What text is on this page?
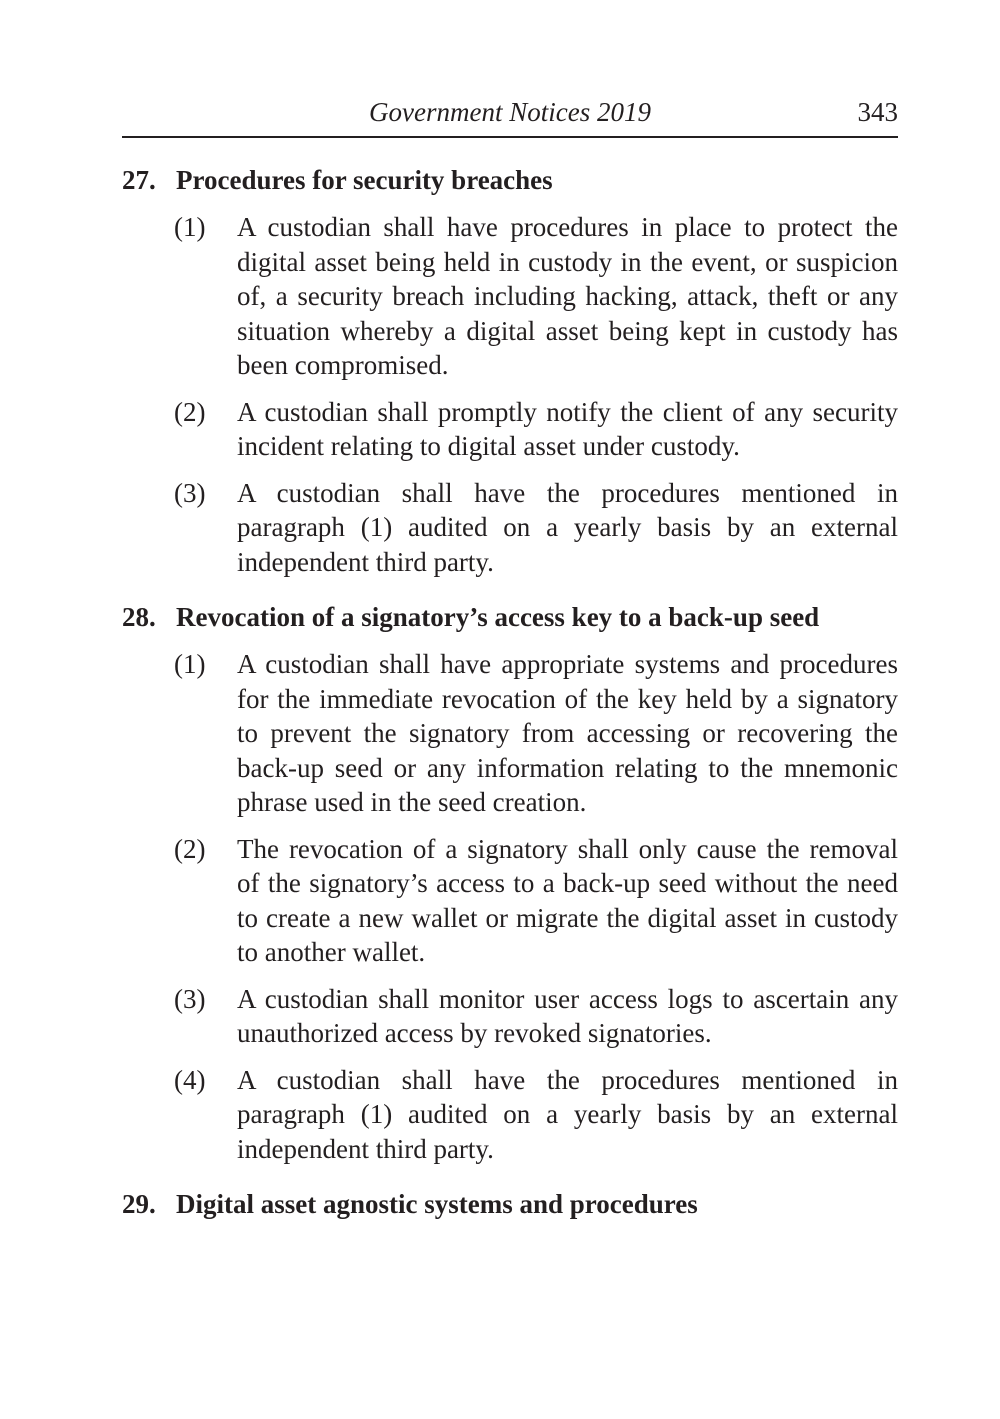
Government Notices 2019	343
27. Procedures for security breaches
(1) A custodian shall have procedures in place to protect the digital asset being held in custody in the event, or suspicion of, a security breach including hacking, attack, theft or any situation whereby a digital asset being kept in custody has been compromised.
(2) A custodian shall promptly notify the client of any security incident relating to digital asset under custody.
(3) A custodian shall have the procedures mentioned in paragraph (1) audited on a yearly basis by an external independent third party.
28. Revocation of a signatory’s access key to a back-up seed
(1) A custodian shall have appropriate systems and procedures for the immediate revocation of the key held by a signatory to prevent the signatory from accessing or recovering the back-up seed or any information relating to the mnemonic phrase used in the seed creation.
(2) The revocation of a signatory shall only cause the removal of the signatory’s access to a back-up seed without the need to create a new wallet or migrate the digital asset in custody to another wallet.
(3) A custodian shall monitor user access logs to ascertain any unauthorized access by revoked signatories.
(4) A custodian shall have the procedures mentioned in paragraph (1) audited on a yearly basis by an external independent third party.
29. Digital asset agnostic systems and procedures
